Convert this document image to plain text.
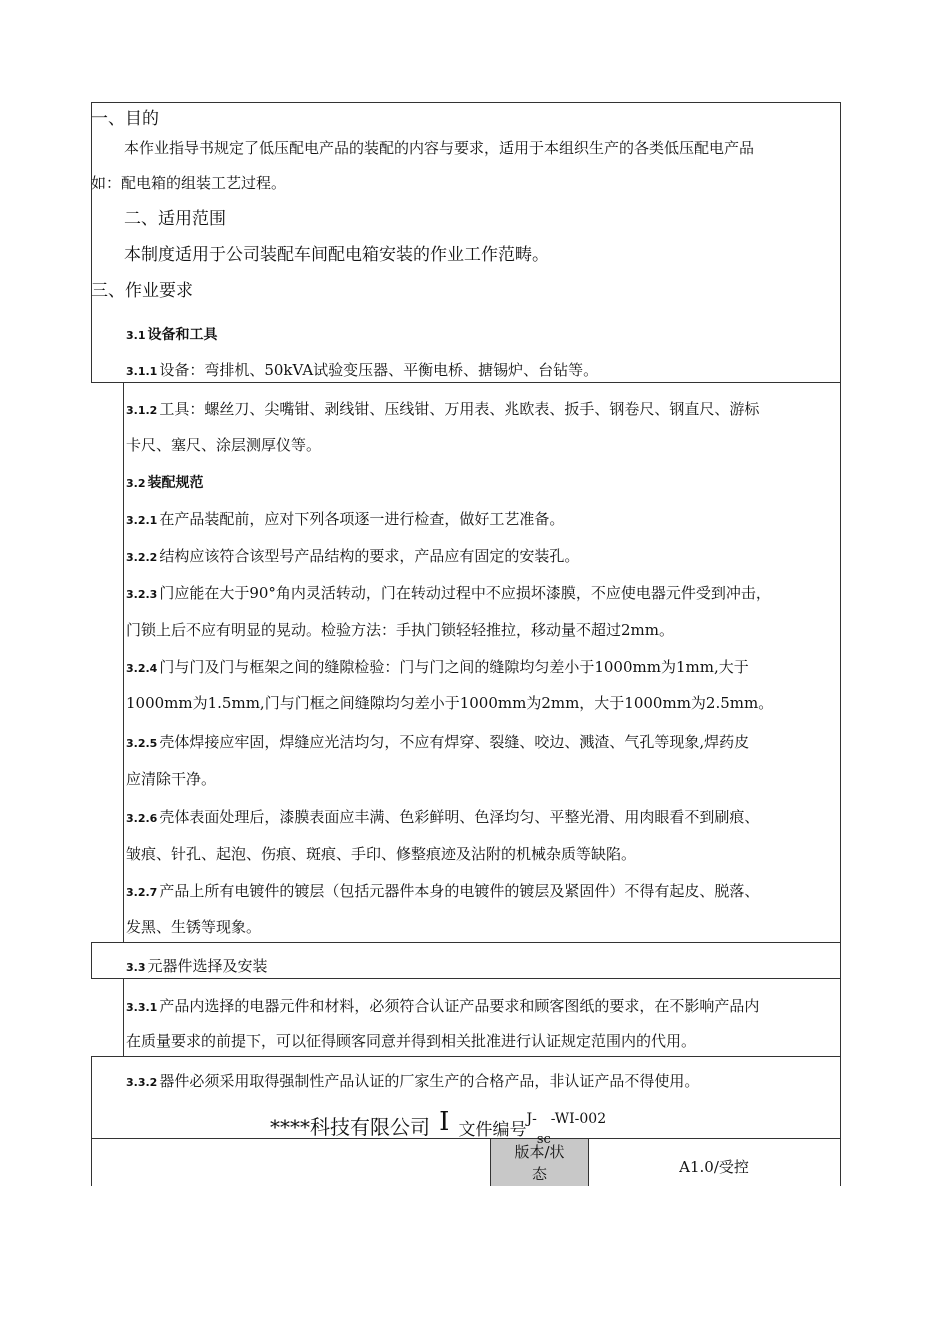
一、目的
本作业指导书规定了低压配电产品的装配的内容与要求，适用于本组织生产的各类低压配电产品
如：配电箱的组装工艺过程。
二、适用范围
本制度适用于公司装配车间配电箱安装的作业工作范畴。
三、作业要求
3.1 设备和工具
3.1.1 设备：弯排机、50kVA试验变压器、平衡电桥、搪锡炉、台钻等。
3.1.2 工具：螺丝刀、尖嘴钳、剥线钳、压线钳、万用表、兆欧表、扳手、钢卷尺、钢直尺、游标
卡尺、塞尺、涂层测厚仪等。
3.2 装配规范
3.2.1 在产品装配前，应对下列各项逐一进行检查，做好工艺准备。
3.2.2 结构应该符合该型号产品结构的要求，产品应有固定的安装孔。
3.2.3 门应能在大于90°角内灵活转动，门在转动过程中不应损坏漆膜，不应使电器元件受到冲击，
门锁上后不应有明显的晃动。检验方法：手执门锁轻轻推拉，移动量不超过2mm。
3.2.4 门与门及门与框架之间的缝隙检验：门与门之间的缝隙均匀差小于1000mm为1mm,大于
1000mm为1.5mm,门与门框之间缝隙均匀差小于1000mm为2mm，大于1000mm为2.5mm。
3.2.5 壳体焊接应牢固，焊缝应光洁均匀，不应有焊穿、裂缝、咬边、溅渣、气孔等现象,焊药皮
应清除干净。
3.2.6 壳体表面处理后，漆膜表面应丰满、色彩鲜明、色泽均匀、平整光滑、用肉眼看不到刷痕、
皱痕、针孔、起泡、伤痕、斑痕、手印、修整痕迹及沾附的机械杂质等缺陷。
3.2.7 产品上所有电镀件的镀层（包括元器件本身的电镀件的镀层及紧固件）不得有起皮、脱落、
发黑、生锈等现象。
3.3 元器件选择及安装
3.3.1 产品内选择的电器元件和材料，必须符合认证产品要求和顾客图纸的要求，在不影响产品内
在质量要求的前提下，可以征得顾客同意并得到相关批准进行认证规定范围内的代用。
3.3.2 器件必须采用取得强制性产品认证的厂家生产的合格产品，非认证产品不得使用。
****科技有限公司 I 文件编号$J-_{sc}-WI-002$
版本/状
态	A1.0/受控
